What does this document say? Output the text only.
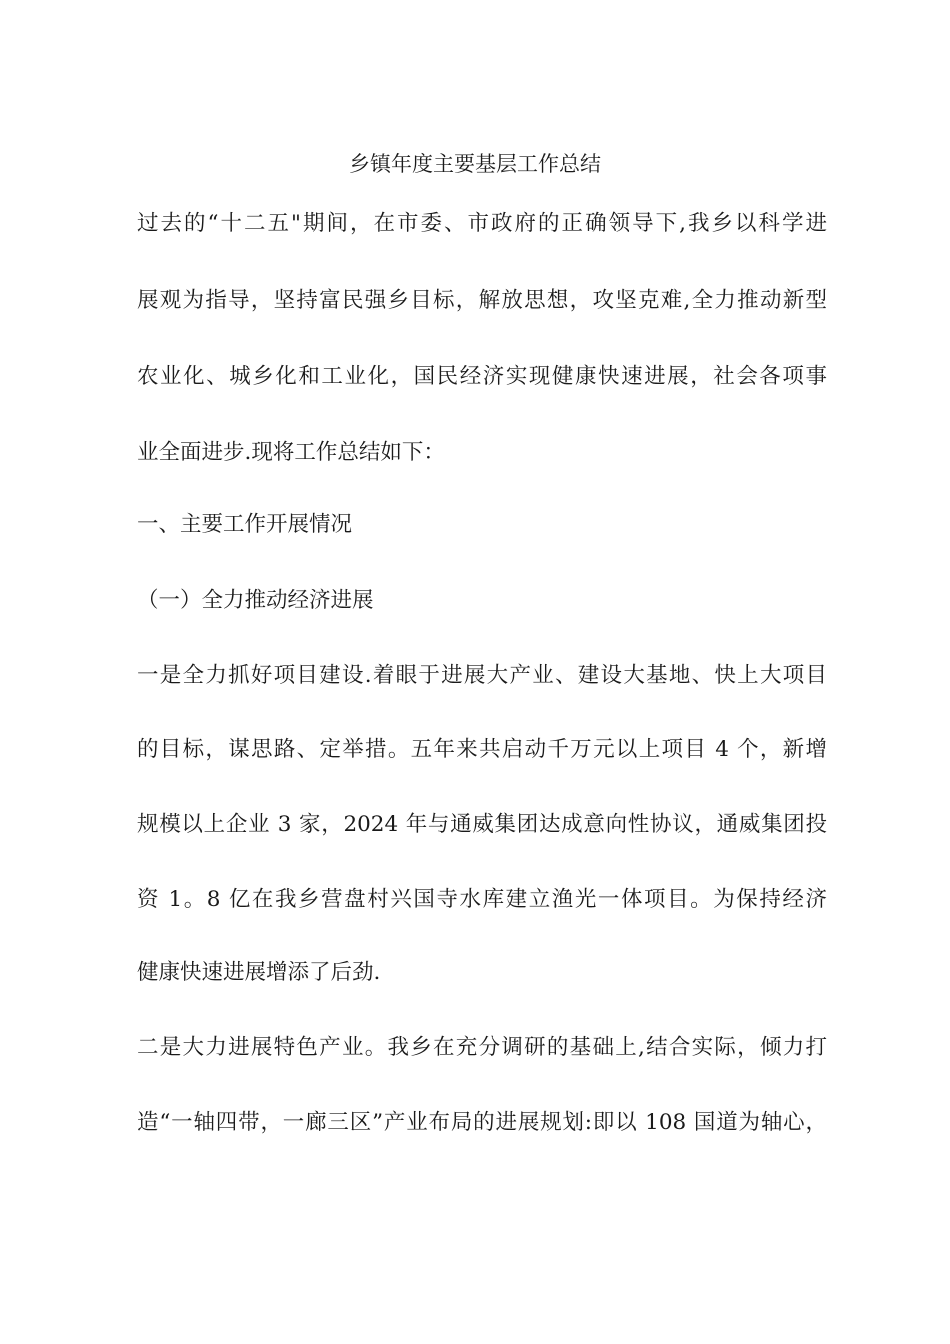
乡镇年度主要基层工作总结
过去的“十二五"期间，在市委、市政府的正确领导下,我乡以科学进
展观为指导，坚持富民强乡目标，解放思想，攻坚克难,全力推动新型
农业化、城乡化和工业化，国民经济实现健康快速进展，社会各项事
业全面进步.现将工作总结如下：
一、主要工作开展情况
（一）全力推动经济进展
一是全力抓好项目建设.着眼于进展大产业、建设大基地、快上大项目
的目标，谋思路、定举措。五年来共启动千万元以上项目 4 个，新增
规模以上企业 3 家，2024 年与通威集团达成意向性协议，通威集团投
资 1。8 亿在我乡营盘村兴国寺水库建立渔光一体项目。为保持经济
健康快速进展增添了后劲.
二是大力进展特色产业。我乡在充分调研的基础上,结合实际，倾力打
造“一轴四带，一廊三区”产业布局的进展规划:即以 108 国道为轴心，
